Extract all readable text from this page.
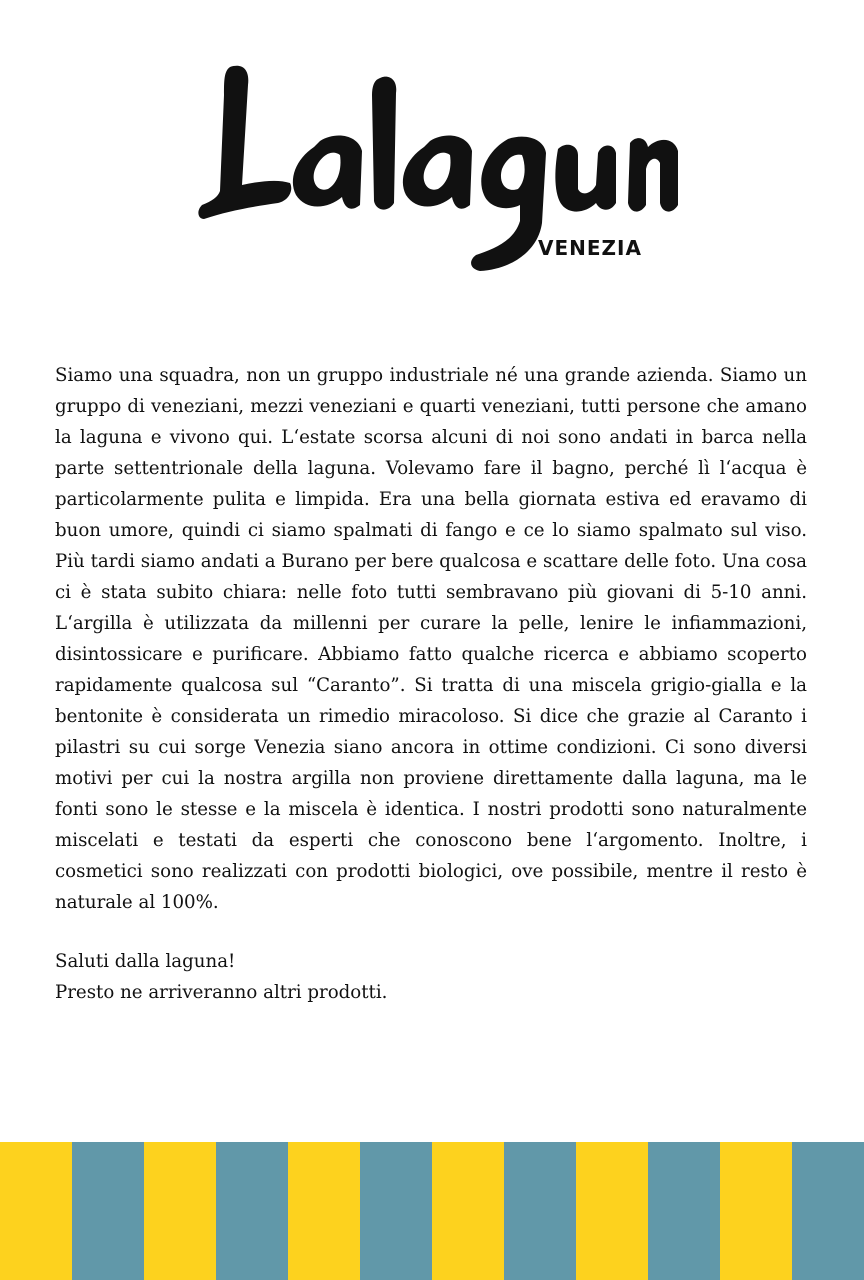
VENEZIA

Siamo una squadra, non un gruppo industriale né una grande azienda. Siamo un gruppo di veneziani, mezzi veneziani e quarti veneziani, tutti persone che amano la laguna e vivono qui. L‘estate scorsa alcuni di noi sono andati in barca nella parte settentrionale della laguna. Volevamo fare il bagno, perché lì l‘acqua è particolarmente pulita e limpida. Era una bella giornata estiva ed eravamo di buon umore, quindi ci siamo spalmati di fango e ce lo siamo spalmato sul viso. Più tardi siamo andati a Burano per bere qualcosa e scattare delle foto. Una cosa ci è stata subito chiara: nelle foto tutti sembravano più giovani di 5-10 anni. L‘argilla è utilizzata da millenni per curare la pelle, lenire le infiammazioni, disintossicare e purificare. Abbiamo fatto qualche ricerca e abbiamo scoperto rapidamente qualcosa sul “Caranto”. Si tratta di una miscela grigio-gialla e la bentonite è considerata un rimedio miracoloso. Si dice che grazie al Caranto i pilastri su cui sorge Venezia siano ancora in ottime condizioni. Ci sono diversi motivi per cui la nostra argilla non proviene direttamente dalla laguna, ma le fonti sono le stesse e la miscela è identica. I nostri prodotti sono naturalmente miscelati e testati da esperti che conoscono bene l‘argomento. Inoltre, i cosmetici sono realizzati con prodotti biologici, ove possibile, mentre il resto è naturale al 100%.

Saluti dalla laguna!

Presto ne arriveranno altri prodotti.
